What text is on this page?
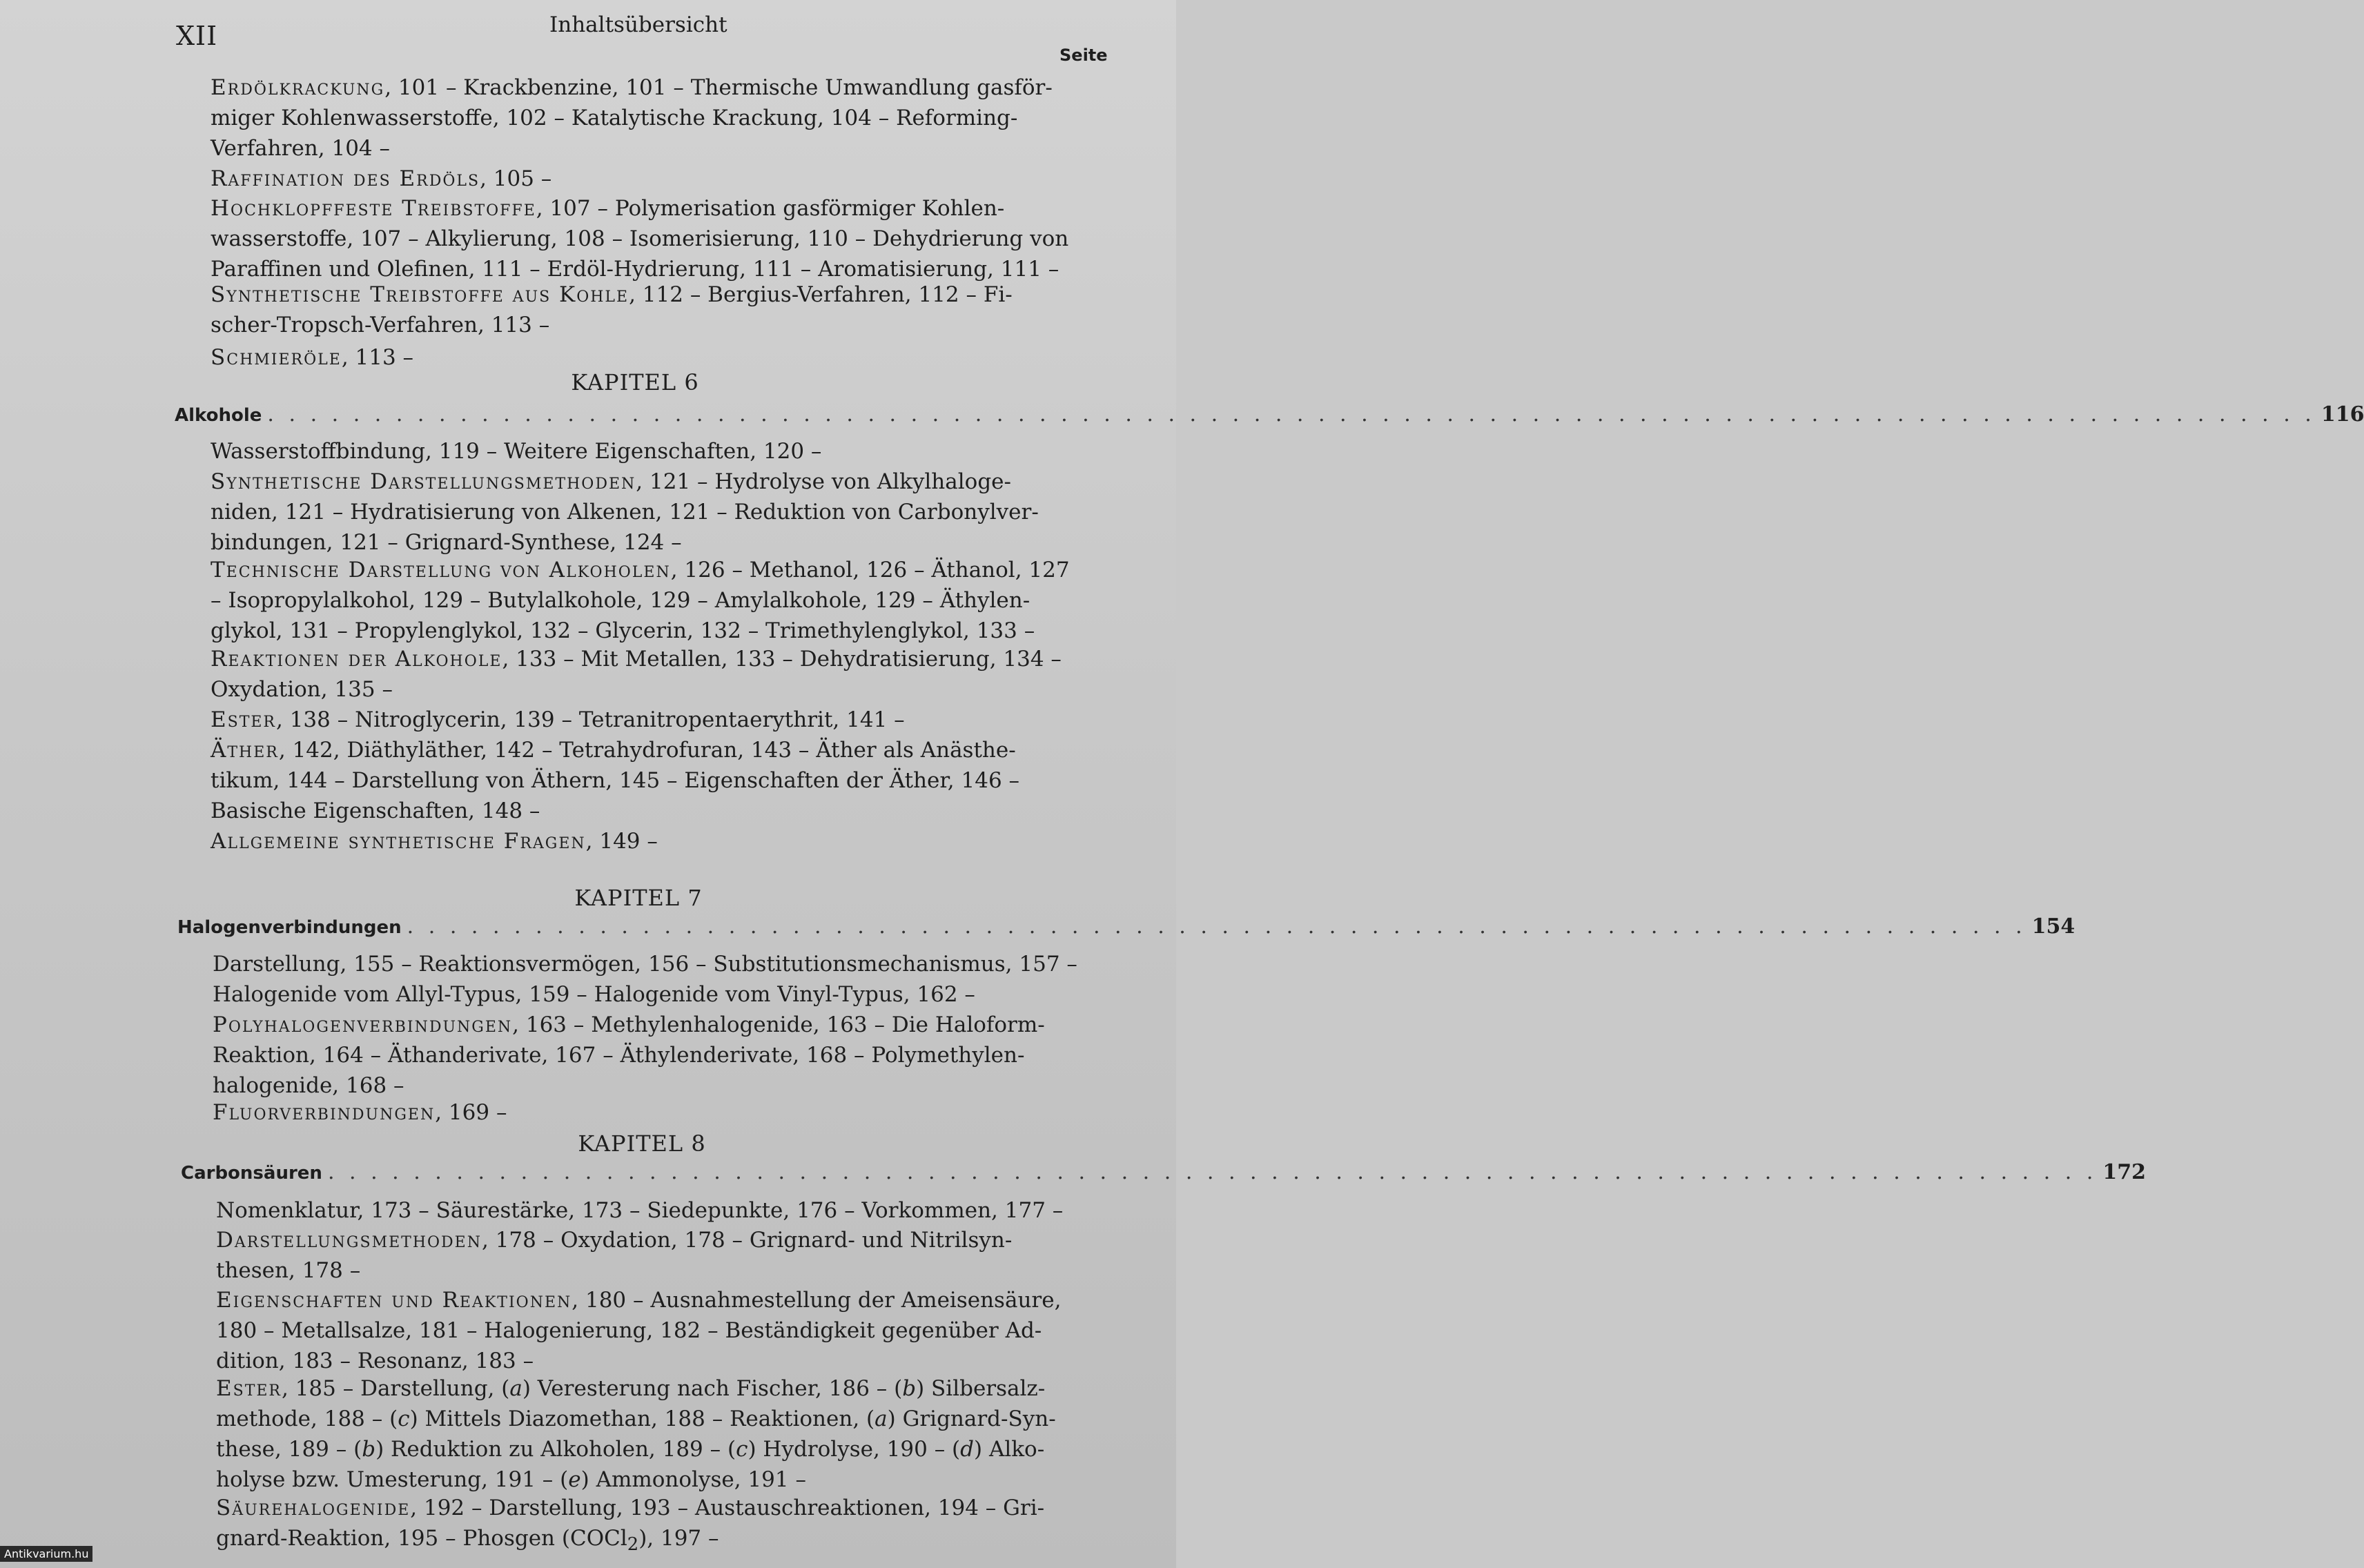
XII	Inhaltsübersicht
Seite
Erdölkrackung, 101 – Krackbenzine, 101 – Thermische Umwandlung gasför-
miger Kohlenwasserstoffe, 102 – Katalytische Krackung, 104 – Reforming-
Verfahren, 104 –
Raffination des Erdöls, 105 –
Hochklopffeste Treibstoffe, 107 – Polymerisation gasförmiger Kohlen-
wasserstoffe, 107 – Alkylierung, 108 – Isomerisierung, 110 – Dehydrierung von
Paraffinen und Olefinen, 111 – Erdöl-Hydrierung, 111 – Aromatisierung, 111 –
Synthetische Treibstoffe aus Kohle, 112 – Bergius-Verfahren, 112 – Fi-
scher-Tropsch-Verfahren, 113 –
Schmieröle, 113 –
KAPITEL 6
Alkohole . . . . . . . . . . . . . . . . . . . . . . . . . . . . . . . . . . . . . . . . . . . . . . . . . . . . . . . . . . . . . . . . . . . . . . . . . . . . . . . . . . . . . . . . . . . . . . . . 116
Wasserstoffbindung, 119 – Weitere Eigenschaften, 120 –
Synthetische Darstellungsmethoden, 121 – Hydrolyse von Alkylhaloge-
niden, 121 – Hydratisierung von Alkenen, 121 – Reduktion von Carbonylver-
bindungen, 121 – Grignard-Synthese, 124 –
Technische Darstellung von Alkoholen, 126 – Methanol, 126 – Äthanol, 127
– Isopropylalkohol, 129 – Butylalkohole, 129 – Amylalkohole, 129 – Äthylen-
glykol, 131 – Propylenglykol, 132 – Glycerin, 132 – Trimethylenglykol, 133 –
Reaktionen der Alkohole, 133 – Mit Metallen, 133 – Dehydratisierung, 134 –
Oxydation, 135 –
Ester, 138 – Nitroglycerin, 139 – Tetranitropentaerythrit, 141 –
Äther, 142, Diäthyläther, 142 – Tetrahydrofuran, 143 – Äther als Anästhe-
tikum, 144 – Darstellung von Äthern, 145 – Eigenschaften der Äther, 146 –
Basische Eigenschaften, 148 –
Allgemeine synthetische Fragen, 149 –
KAPITEL 7
Halogenverbindungen . . . . . . . . . . . . . . . . . . . . . . . . . . . . . . . . . . . . . . . . . . . . . . . . . . . . . . . . . . . . . . . . . . . . . . . . . . . . 154
Darstellung, 155 – Reaktionsvermögen, 156 – Substitutionsmechanismus, 157 –
Halogenide vom Allyl-Typus, 159 – Halogenide vom Vinyl-Typus, 162 –
Polyhalogenverbindungen, 163 – Methylenhalogenide, 163 – Die Haloform-
Reaktion, 164 – Äthanderivate, 167 – Äthylenderivate, 168 – Polymethylen-
halogenide, 168 –
Fluorverbindungen, 169 –
KAPITEL 8
Carbonsäuren . . . . . . . . . . . . . . . . . . . . . . . . . . . . . . . . . . . . . . . . . . . . . . . . . . . . . . . . . . . . . . . . . . . . . . . . . . . . . . . . . . . 172
Nomenklatur, 173 – Säurestärke, 173 – Siedepunkte, 176 – Vorkommen, 177 –
Darstellungsmethoden, 178 – Oxydation, 178 – Grignard- und Nitrilsyn-
thesen, 178 –
Eigenschaften und Reaktionen, 180 – Ausnahmestellung der Ameisensäure,
180 – Metallsalze, 181 – Halogenierung, 182 – Beständigkeit gegenüber Ad-
dition, 183 – Resonanz, 183 –
Ester, 185 – Darstellung, (a) Veresterung nach Fischer, 186 – (b) Silbersalz-
methode, 188 – (c) Mittels Diazomethan, 188 – Reaktionen, (a) Grignard-Syn-
these, 189 – (b) Reduktion zu Alkoholen, 189 – (c) Hydrolyse, 190 – (d) Alko-
holyse bzw. Umesterung, 191 – (e) Ammonolyse, 191 –
Säurehalogenide, 192 – Darstellung, 193 – Austauschreaktionen, 194 – Gri-
gnard-Reaktion, 195 – Phosgen (COCl$_2$), 197 –
Antikvarium.hu
